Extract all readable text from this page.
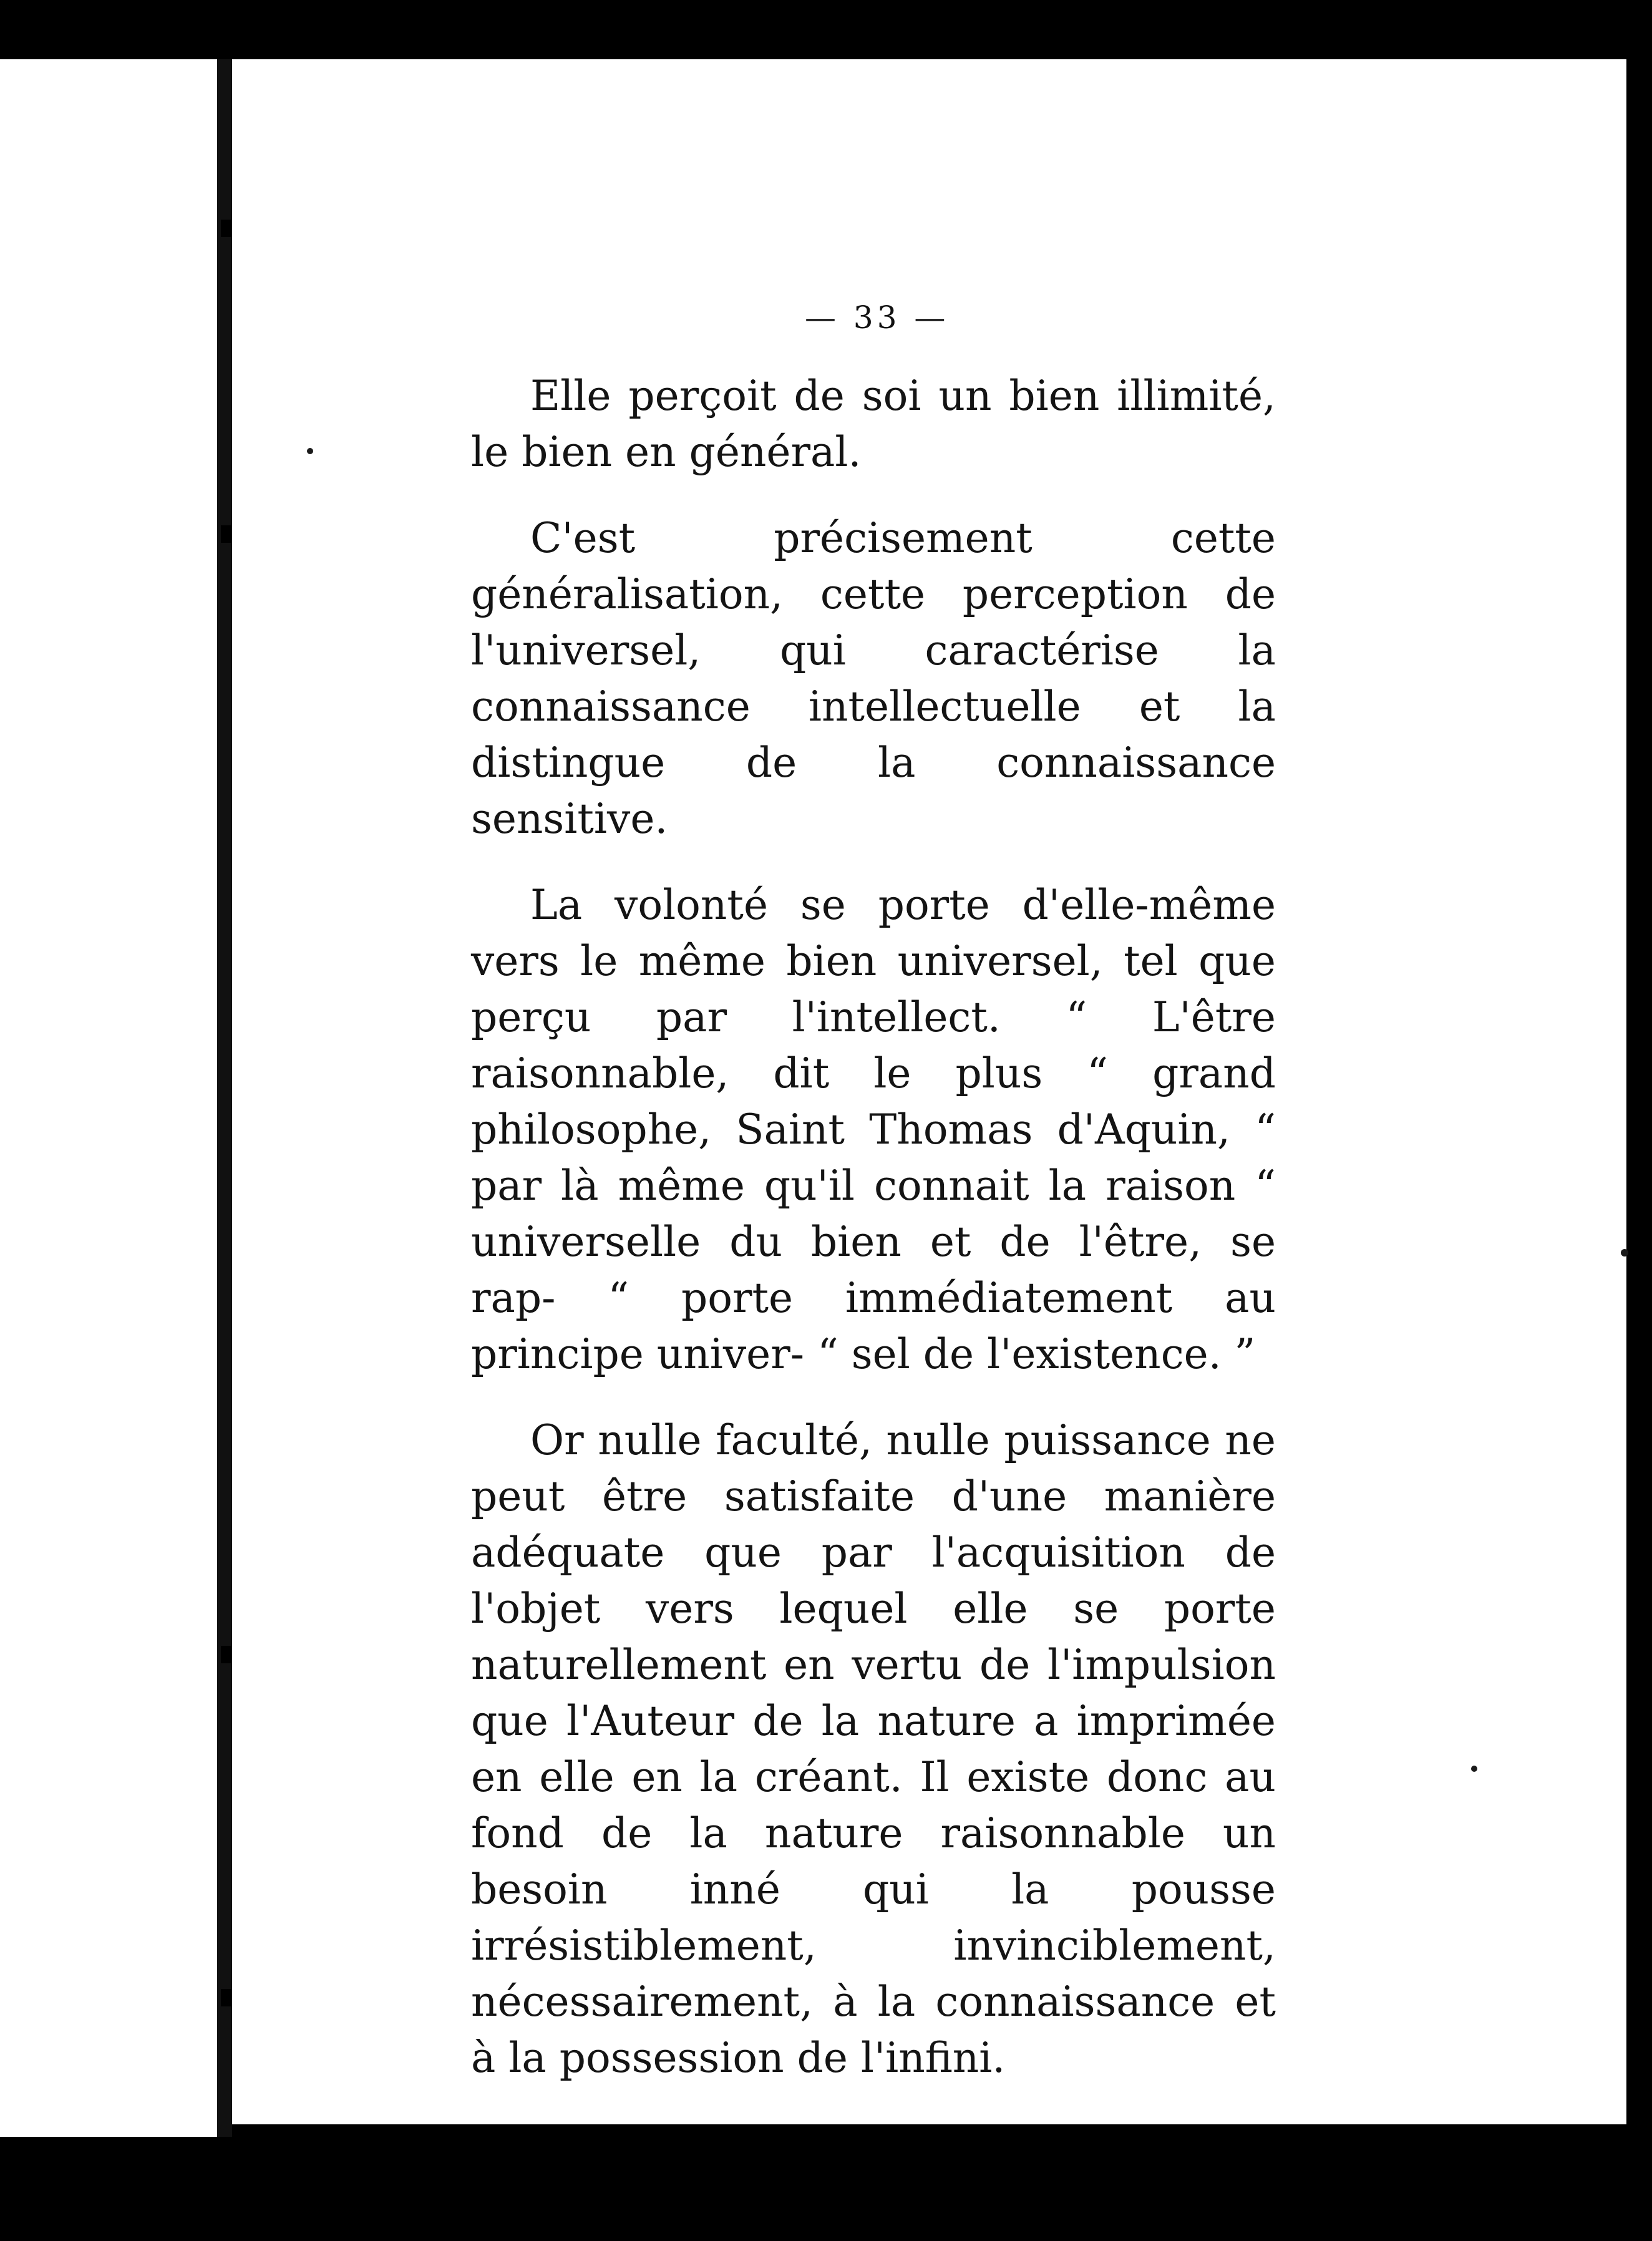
— 33 —

Elle perçoit de soi un bien illimité, le bien en général.

C'est précisement cette généralisation, cette perception de l'universel, qui caractérise la connaissance intellectuelle et la distingue de la connaissance sensitive.

La volonté se porte d'elle-même vers le même bien universel, tel que perçu par l'intellect. “ L'être raisonnable, dit le plus “ grand philosophe, Saint Thomas d'Aquin, “ par là même qu'il connait la raison “ universelle du bien et de l'être, se rap- “ porte immédiatement au principe univer- “ sel de l'existence. ”

Or nulle faculté, nulle puissance ne peut être satisfaite d'une manière adéquate que par l'acquisition de l'objet vers lequel elle se porte naturellement en vertu de l'impulsion que l'Auteur de la nature a imprimée en elle en la créant. Il existe donc au fond de la nature raisonnable un besoin inné qui la pousse irrésistiblement, invinciblement, nécessairement, à la connaissance et à la possession de l'infini.
